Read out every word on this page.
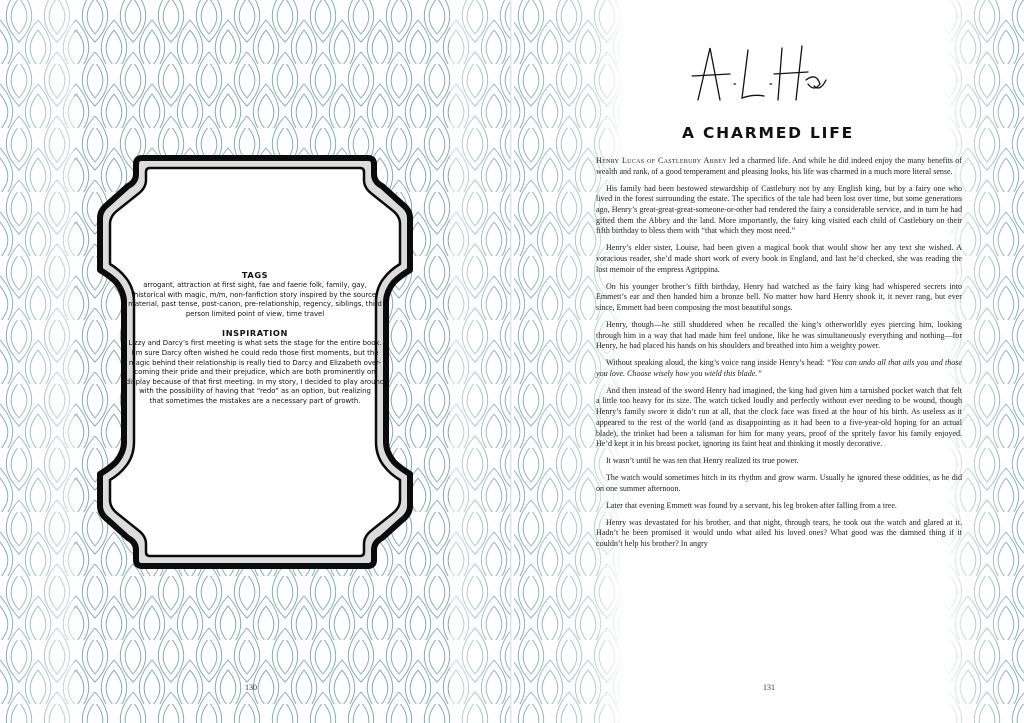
TAGS

arrogant, attraction at first sight, fae and faerie folk, family, gay,

historical with magic, m/m, non-fanfiction story inspired by the source

material, past tense, post-canon, pre-relationship, regency, siblings, third

person limited point of view, time travel

INSPIRATION

Lizzy and Darcy’s first meeting is what sets the stage for the entire book.

I’m sure Darcy often wished he could redo those first moments, but the

magic behind their relationship is really tied to Darcy and Elizabeth over-

coming their pride and their prejudice, which are both prominently on

display because of that first meeting. In my story, I decided to play around

with the possibility of having that “redo” as an option, but realizing

that sometimes the mistakes are a necessary part of growth.

130
A CHARMED LIFE

Henry Lucas of Castlebury Abbey led a charmed life. And while he did indeed enjoy the many benefits of wealth and rank, of a good temperament and pleasing looks, his life was charmed in a much more literal sense.

His family had been bestowed stewardship of Castlebury not by any English king, but by a fairy one who lived in the forest surrounding the estate. The specifics of the tale had been lost over time, but some generations ago, Henry’s great-great-great-someone-or-other had rendered the fairy a considerable service, and in turn he had gifted them the Abbey and the land. More importantly, the fairy king visited each child of Castlebury on their fifth birthday to bless them with “that which they most need.”

Henry’s elder sister, Louise, had been given a magical book that would show her any text she wished. A voracious reader, she’d made short work of every book in England, and last he’d checked, she was reading the lost memoir of the empress Agrippina.

On his younger brother’s fifth birthday, Henry had watched as the fairy king had whispered secrets into Emmett’s ear and then handed him a bronze bell. No matter how hard Henry shook it, it never rang, but ever since, Emmett had been composing the most beautiful songs.

Henry, though—he still shuddered when he recalled the king’s otherworldly eyes piercing him, looking through him in a way that had made him feel undone, like he was simultaneously everything and nothing—for Henry, he had placed his hands on his shoulders and breathed into him a weighty power.

Without speaking aloud, the king’s voice rang inside Henry’s head: “You can undo all that ails you and those you love. Choose wisely how you wield this blade.”

And then instead of the sword Henry had imagined, the king had given him a tarnished pocket watch that felt a little too heavy for its size. The watch ticked loudly and perfectly without ever needing to be wound, though Henry’s family swore it didn’t run at all, that the clock face was fixed at the hour of his birth. As useless as it appeared to the rest of the world (and as disappointing as it had been to a five-year-old hoping for an actual blade), the trinket had been a talisman for him for many years, proof of the spritely favor his family enjoyed. He’d kept it in his breast pocket, ignoring its faint heat and thinking it mostly decorative.

It wasn’t until he was ten that Henry realized its true power.

The watch would sometimes hitch in its rhythm and grow warm. Usually he ignored these oddities, as he did on one summer afternoon.

Later that evening Emmett was found by a servant, his leg broken after falling from a tree.

Henry was devastated for his brother, and that night, through tears, he took out the watch and glared at it. Hadn’t he been promised it would undo what ailed his loved ones? What good was the damned thing if it couldn’t help his brother? In angry

131
